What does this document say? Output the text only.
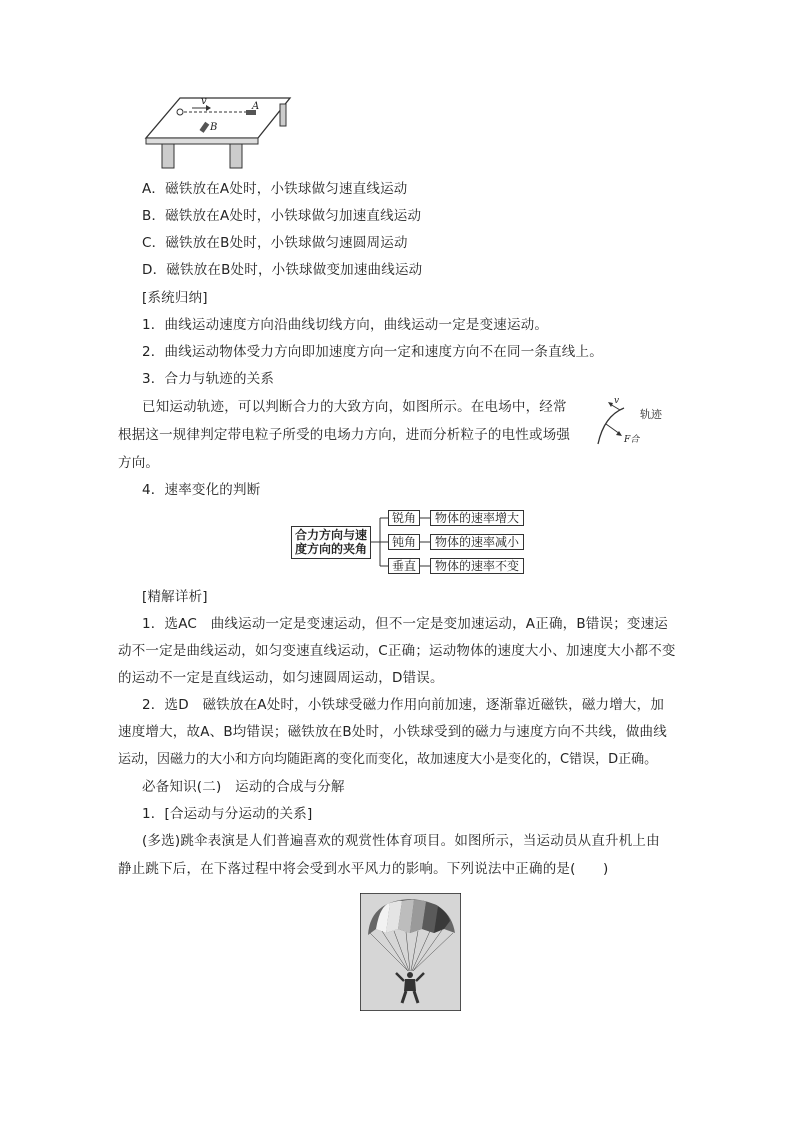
v	A
B
A．磁铁放在A处时，小铁球做匀速直线运动
B．磁铁放在A处时，小铁球做匀加速直线运动
C．磁铁放在B处时，小铁球做匀速圆周运动
D．磁铁放在B处时，小铁球做变加速曲线运动
[系统归纳]
1．曲线运动速度方向沿曲线切线方向，曲线运动一定是变速运动。
2．曲线运动物体受力方向即加速度方向一定和速度方向不在同一条直线上。
3．合力与轨迹的关系
已知运动轨迹，可以判断合力的大致方向，如图所示。在电场中，经常
根据这一规律判定带电粒子所受的电场力方向，进而分析粒子的电性或场强
方向。
v
轨迹
F合
4．速率变化的判断
合力方向与速
度方向的夹角
锐角
钝角
垂直
物体的速率增大
物体的速率减小
物体的速率不变
[精解详析]
1．选AC　曲线运动一定是变速运动，但不一定是变加速运动，A正确，B错误；变速运
动不一定是曲线运动，如匀变速直线运动，C正确；运动物体的速度大小、加速度大小都不变
的运动不一定是直线运动，如匀速圆周运动，D错误。
2．选D　磁铁放在A处时，小铁球受磁力作用向前加速，逐渐靠近磁铁，磁力增大，加
速度增大，故A、B均错误；磁铁放在B处时，小铁球受到的磁力与速度方向不共线，做曲线
运动，因磁力的大小和方向均随距离的变化而变化，故加速度大小是变化的，C错误，D正确。
必备知识(二)　运动的合成与分解
1．[合运动与分运动的关系]
(多选)跳伞表演是人们普遍喜欢的观赏性体育项目。如图所示，当运动员从直升机上由
静止跳下后，在下落过程中将会受到水平风力的影响。下列说法中正确的是(　　)
